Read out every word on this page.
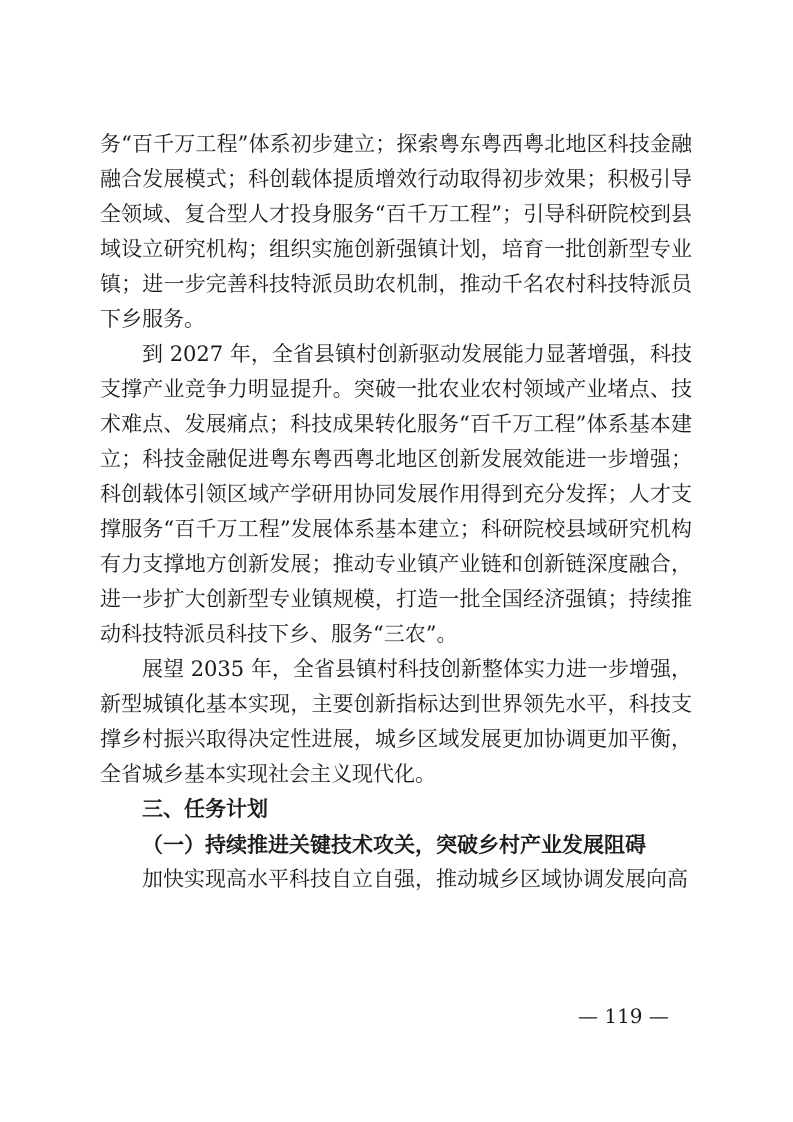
务“百千万工程”体系初步建立；探索粤东粤西粤北地区科技金融融合发展模式；科创载体提质增效行动取得初步效果；积极引导全领域、复合型人才投身服务“百千万工程”；引导科研院校到县域设立研究机构；组织实施创新强镇计划，培育一批创新型专业镇；进一步完善科技特派员助农机制，推动千名农村科技特派员下乡服务。

到 2027 年，全省县镇村创新驱动发展能力显著增强，科技支撑产业竞争力明显提升。突破一批农业农村领域产业堵点、技术难点、发展痛点；科技成果转化服务“百千万工程”体系基本建立；科技金融促进粤东粤西粤北地区创新发展效能进一步增强；科创载体引领区域产学研用协同发展作用得到充分发挥；人才支撑服务“百千万工程”发展体系基本建立；科研院校县域研究机构有力支撑地方创新发展；推动专业镇产业链和创新链深度融合，进一步扩大创新型专业镇规模，打造一批全国经济强镇；持续推动科技特派员科技下乡、服务“三农”。

展望 2035 年，全省县镇村科技创新整体实力进一步增强，新型城镇化基本实现，主要创新指标达到世界领先水平，科技支撑乡村振兴取得决定性进展，城乡区域发展更加协调更加平衡，全省城乡基本实现社会主义现代化。

三、任务计划

（一）持续推进关键技术攻关，突破乡村产业发展阻碍

加快实现高水平科技自立自强，推动城乡区域协调发展向高

— 119 —
